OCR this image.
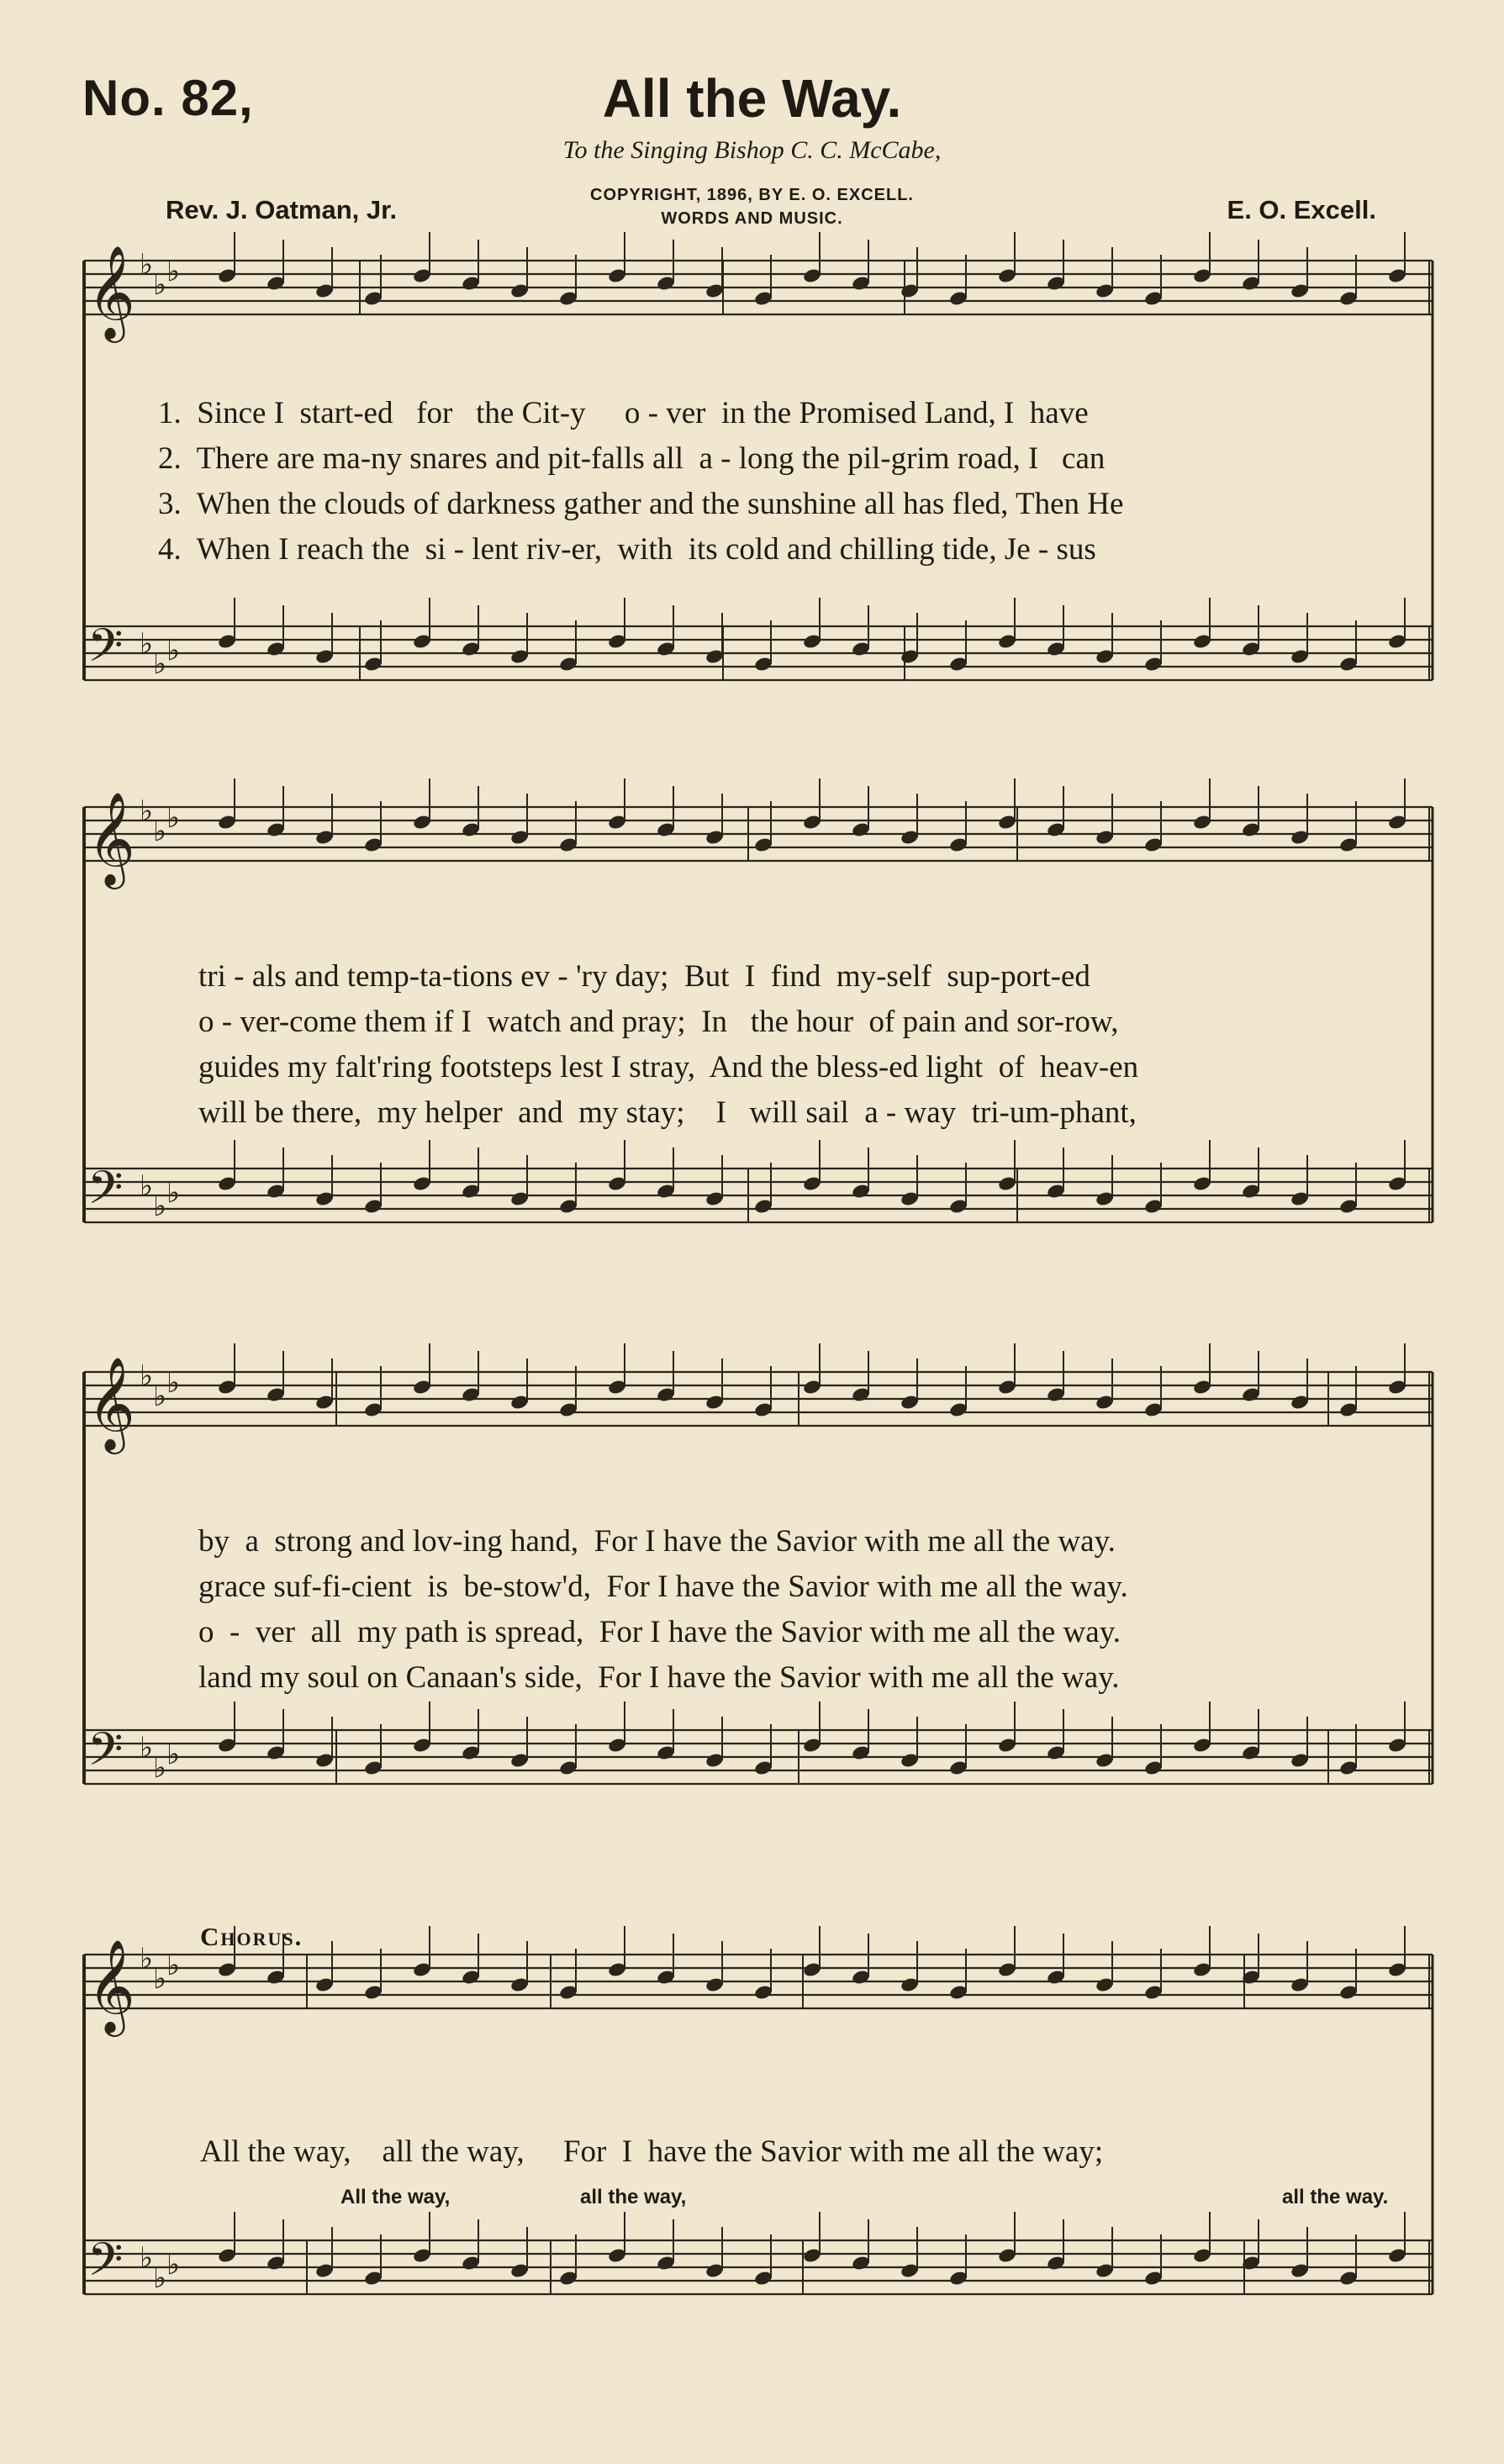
No. 82,	All the Way.
To the Singing Bishop C. C. McCabe,
Rev. J. Oatman, Jr.	COPYRIGHT, 1896, BY E. O. EXCELL.
WORDS AND MUSIC.	E. O. Excell.
𝄞 ♭
♭ ♭
𝄢 ♭
♭ ♭
𝄞 ♭
♭ ♭
𝄢 ♭
♭ ♭
𝄞 ♭
♭ ♭
𝄢 ♭
♭ ♭
𝄞 ♭
♭ ♭
𝄢 ♭
♭ ♭
1.  Since I  start-ed   for   the Cit-y     o - ver  in the Promised Land, I  have
2.  There are ma-ny snares and pit-falls all  a - long the pil-grim road, I   can
3.  When the clouds of darkness gather and the sunshine all has fled, Then He
4.  When I reach the  si - lent riv-er,  with  its cold and chilling tide, Je - sus
tri - als and temp-ta-tions ev - 'ry day;  But  I  find  my-self  sup-port-ed
o - ver-come them if I  watch and pray;  In   the hour  of pain and sor-row,
guides my falt'ring footsteps lest I stray,  And the bless-ed light  of  heav-en
will be there,  my helper  and  my stay;    I   will sail  a - way  tri-um-phant,
by  a  strong and lov-ing hand,  For I have the Savior with me all the way.
grace suf-fi-cient  is  be-stow'd,  For I have the Savior with me all the way.
o  -  ver  all  my path is spread,  For I have the Savior with me all the way.
land my soul on Canaan's side,  For I have the Savior with me all the way.
Chorus.
All the way,    all the way,     For  I  have the Savior with me all the way;
All the way,	all the way,	all the way.
